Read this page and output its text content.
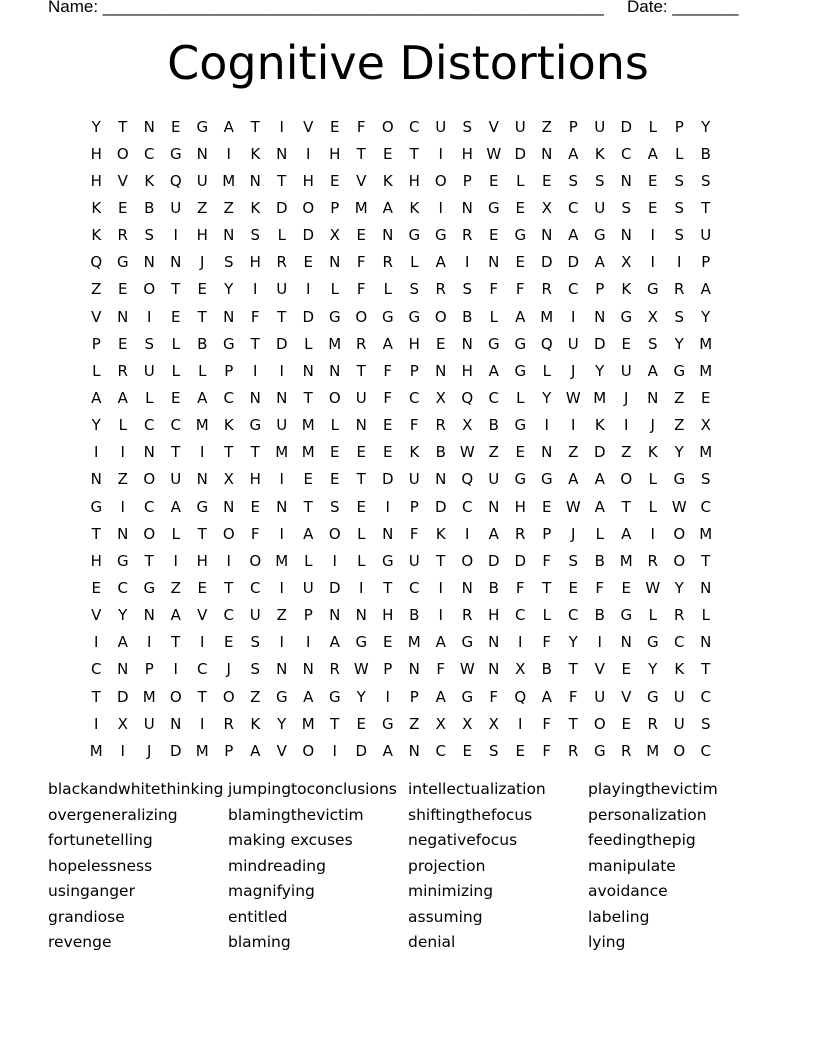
Name: _____________________________________________________ Date: _______
Cognitive Distortions
Y	T	N	E	G	A	T	I	V	E	F	O	C	U	S	V	U	Z	P	U	D	L	P	Y
H O	C	G	N	I	K	N	I	H	T	E	T	I	H W D	N	A	K	C	A	L	B
H	V	K	Q	U M N	T	H	E	V	K	H O	P	E	L	E	S	S	N	E	S	S
K	E	B	U	Z	Z	K	D O	P	M A	K	I	N	G	E	X	C	U	S	E	S	T
K	R	S	I	H	N	S	L	D	X	E	N	G G	R	E	G	N	A	G	N	I	S	U
Q G	N	N	J	S	H	R	E	N	F	R	L	A	I	N	E	D D	A	X	I	I	P
Z	E	O	T	E	Y	I	U	I	L	F	L	S	R	S	F	F	R	C	P	K	G	R	A
V	N	I	E	T	N	F	T	D G O G G O	B	L	A M	I	N	G	X	S	Y
P	E	S	L	B	G	T	D	L	M R	A	H	E	N	G G Q	U	D	E	S	Y	M
L	R	U	L	L	P	I	I	N	N	T	F	P	N	H	A	G	L	J	Y	U	A	G M
A	A	L	E	A	C	N	N	T	O	U	F	C	X	Q	C	L	Y W M	J	N	Z	E
Y	L	C	C M	K	G	U M	L	N	E	F	R	X	B	G	I	I	K	I	J	Z	X
I	I	N	T	I	T	T	M M	E	E	E	K	B W Z	E	N	Z	D	Z	K	Y	M
N	Z	O	U	N	X	H	I	E	E	T	D	U	N Q	U	G G	A	A	O	L	G	S
G	I	C	A	G	N	E	N	T	S	E	I	P	D	C	N	H	E W A	T	L W C
T	N O	L	T	O	F	I	A	O	L	N	F	K	I	A	R	P	J	L	A	I	O M
H	G	T	I	H	I	O M	L	I	L	G	U	T	O D D	F	S	B M R	O	T
E	C	G	Z	E	T	C	I	U	D	I	T	C	I	N	B	F	T	E	F	E W Y	N
V	Y	N	A	V	C	U	Z	P	N	N	H	B	I	R	H	C	L	C	B	G	L	R	L
I	A	I	T	I	E	S	I	I	A	G	E	M A	G	N	I	F	Y	I	N	G	C	N
C	N	P	I	C	J	S	N	N	R W P	N	F W N	X	B	T	V	E	Y	K	T
T	D M O	T	O	Z	G	A	G	Y	I	P	A	G	F	Q	A	F	U	V	G	U	C
I	X	U	N	I	R	K	Y	M	T	E	G	Z	X	X	X	I	F	T	O	E	R	U	S
M	I	J	D M	P	A	V	O	I	D	A	N	C	E	S	E	F	R	G	R M O	C
blackandwhitethinking jumpingtoconclusions intellectualization	playingthevictim
overgeneralizing	blamingthevictim	shiftingthefocus	personalization
fortunetelling	making excuses	negativefocus	feedingthepig
hopelessness	mindreading	projection	manipulate
usinganger	magnifying	minimizing	avoidance
grandiose	entitled	assuming	labeling
revenge	blaming	denial	lying
